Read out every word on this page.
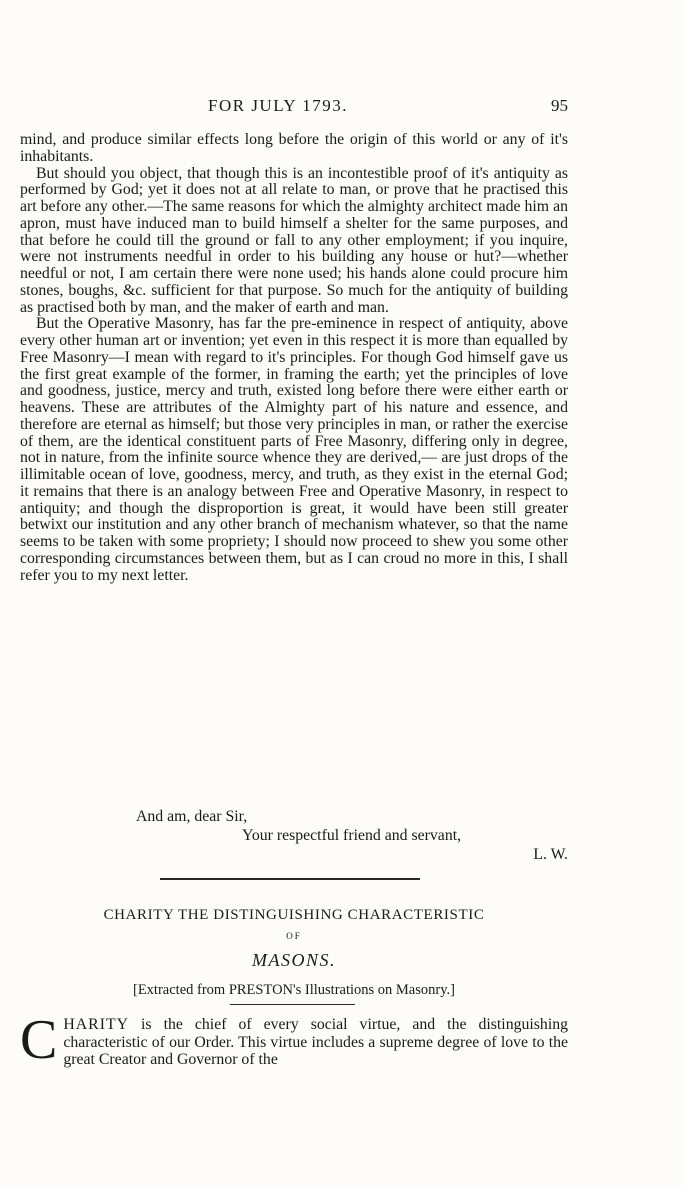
FOR JULY 1793.	95

mind, and produce similar effects long before the origin of this world or any of it's inhabitants.

But should you object, that though this is an incontestible proof of it's antiquity as performed by God; yet it does not at all relate to man, or prove that he practised this art before any other.—The same reasons for which the almighty architect made him an apron, must have induced man to build himself a shelter for the same purposes, and that before he could till the ground or fall to any other employment; if you inquire, were not instruments needful in order to his building any house or hut?—whether needful or not, I am certain there were none used; his hands alone could procure him stones, boughs, &c. sufficient for that purpose. So much for the antiquity of building as practised both by man, and the maker of earth and man.

But the Operative Masonry, has far the pre-eminence in respect of antiquity, above every other human art or invention; yet even in this respect it is more than equalled by Free Masonry—I mean with regard to it's principles. For though God himself gave us the first great example of the former, in framing the earth; yet the principles of love and goodness, justice, mercy and truth, existed long before there were either earth or heavens. These are attributes of the Almighty part of his nature and essence, and therefore are eternal as himself; but those very principles in man, or rather the exercise of them, are the identical constituent parts of Free Masonry, differing only in degree, not in nature, from the infinite source whence they are derived,— are just drops of the illimitable ocean of love, goodness, mercy, and truth, as they exist in the eternal God; it remains that there is an analogy between Free and Operative Masonry, in respect to antiquity; and though the disproportion is great, it would have been still greater betwixt our institution and any other branch of mechanism whatever, so that the name seems to be taken with some propriety; I should now proceed to shew you some other corresponding circumstances between them, but as I can croud no more in this, I shall refer you to my next letter.

And am, dear Sir,
Your respectful friend and servant,
L. W.
CHARITY THE DISTINGUISHING CHARACTERISTIC
OF
MASONS.
[Extracted from PRESTON's Illustrations on Masonry.]
C HARITY is the chief of every social virtue, and the distinguishing characteristic of our Order. This virtue includes a supreme degree of love to the great Creator and Governor of the
